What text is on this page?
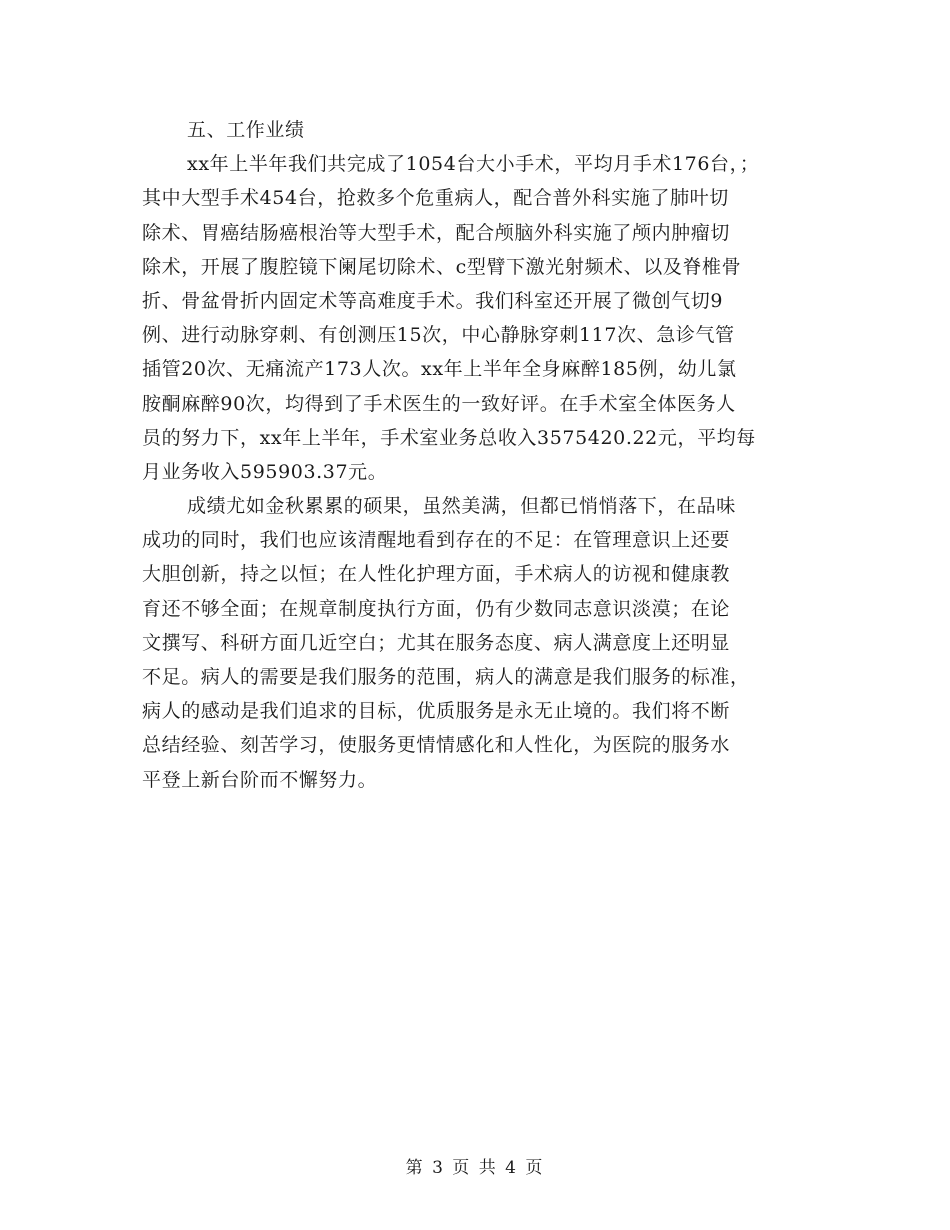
五、工作业绩
xx年上半年我们共完成了1054台大小手术，平均月手术176台，；
其中大型手术454台，抢救多个危重病人，配合普外科实施了肺叶切
除术、胃癌结肠癌根治等大型手术，配合颅脑外科实施了颅内肿瘤切
除术，开展了腹腔镜下阑尾切除术、c型臂下激光射频术、以及脊椎骨
折、骨盆骨折内固定术等高难度手术。我们科室还开展了微创气切9
例、进行动脉穿刺、有创测压15次，中心静脉穿刺117次、急诊气管
插管20次、无痛流产173人次。xx年上半年全身麻醉185例，幼儿氯
胺酮麻醉90次，均得到了手术医生的一致好评。在手术室全体医务人
员的努力下，xx年上半年，手术室业务总收入3575420.22元，平均每
月业务收入595903.37元。
成绩尤如金秋累累的硕果，虽然美满，但都已悄悄落下，在品味
成功的同时，我们也应该清醒地看到存在的不足：在管理意识上还要
大胆创新，持之以恒；在人性化护理方面，手术病人的访视和健康教
育还不够全面；在规章制度执行方面，仍有少数同志意识淡漠；在论
文撰写、科研方面几近空白；尤其在服务态度、病人满意度上还明显
不足。病人的需要是我们服务的范围，病人的满意是我们服务的标准，
病人的感动是我们追求的目标，优质服务是永无止境的。我们将不断
总结经验、刻苦学习，使服务更情情感化和人性化，为医院的服务水
平登上新台阶而不懈努力。
第 3 页 共 4 页
